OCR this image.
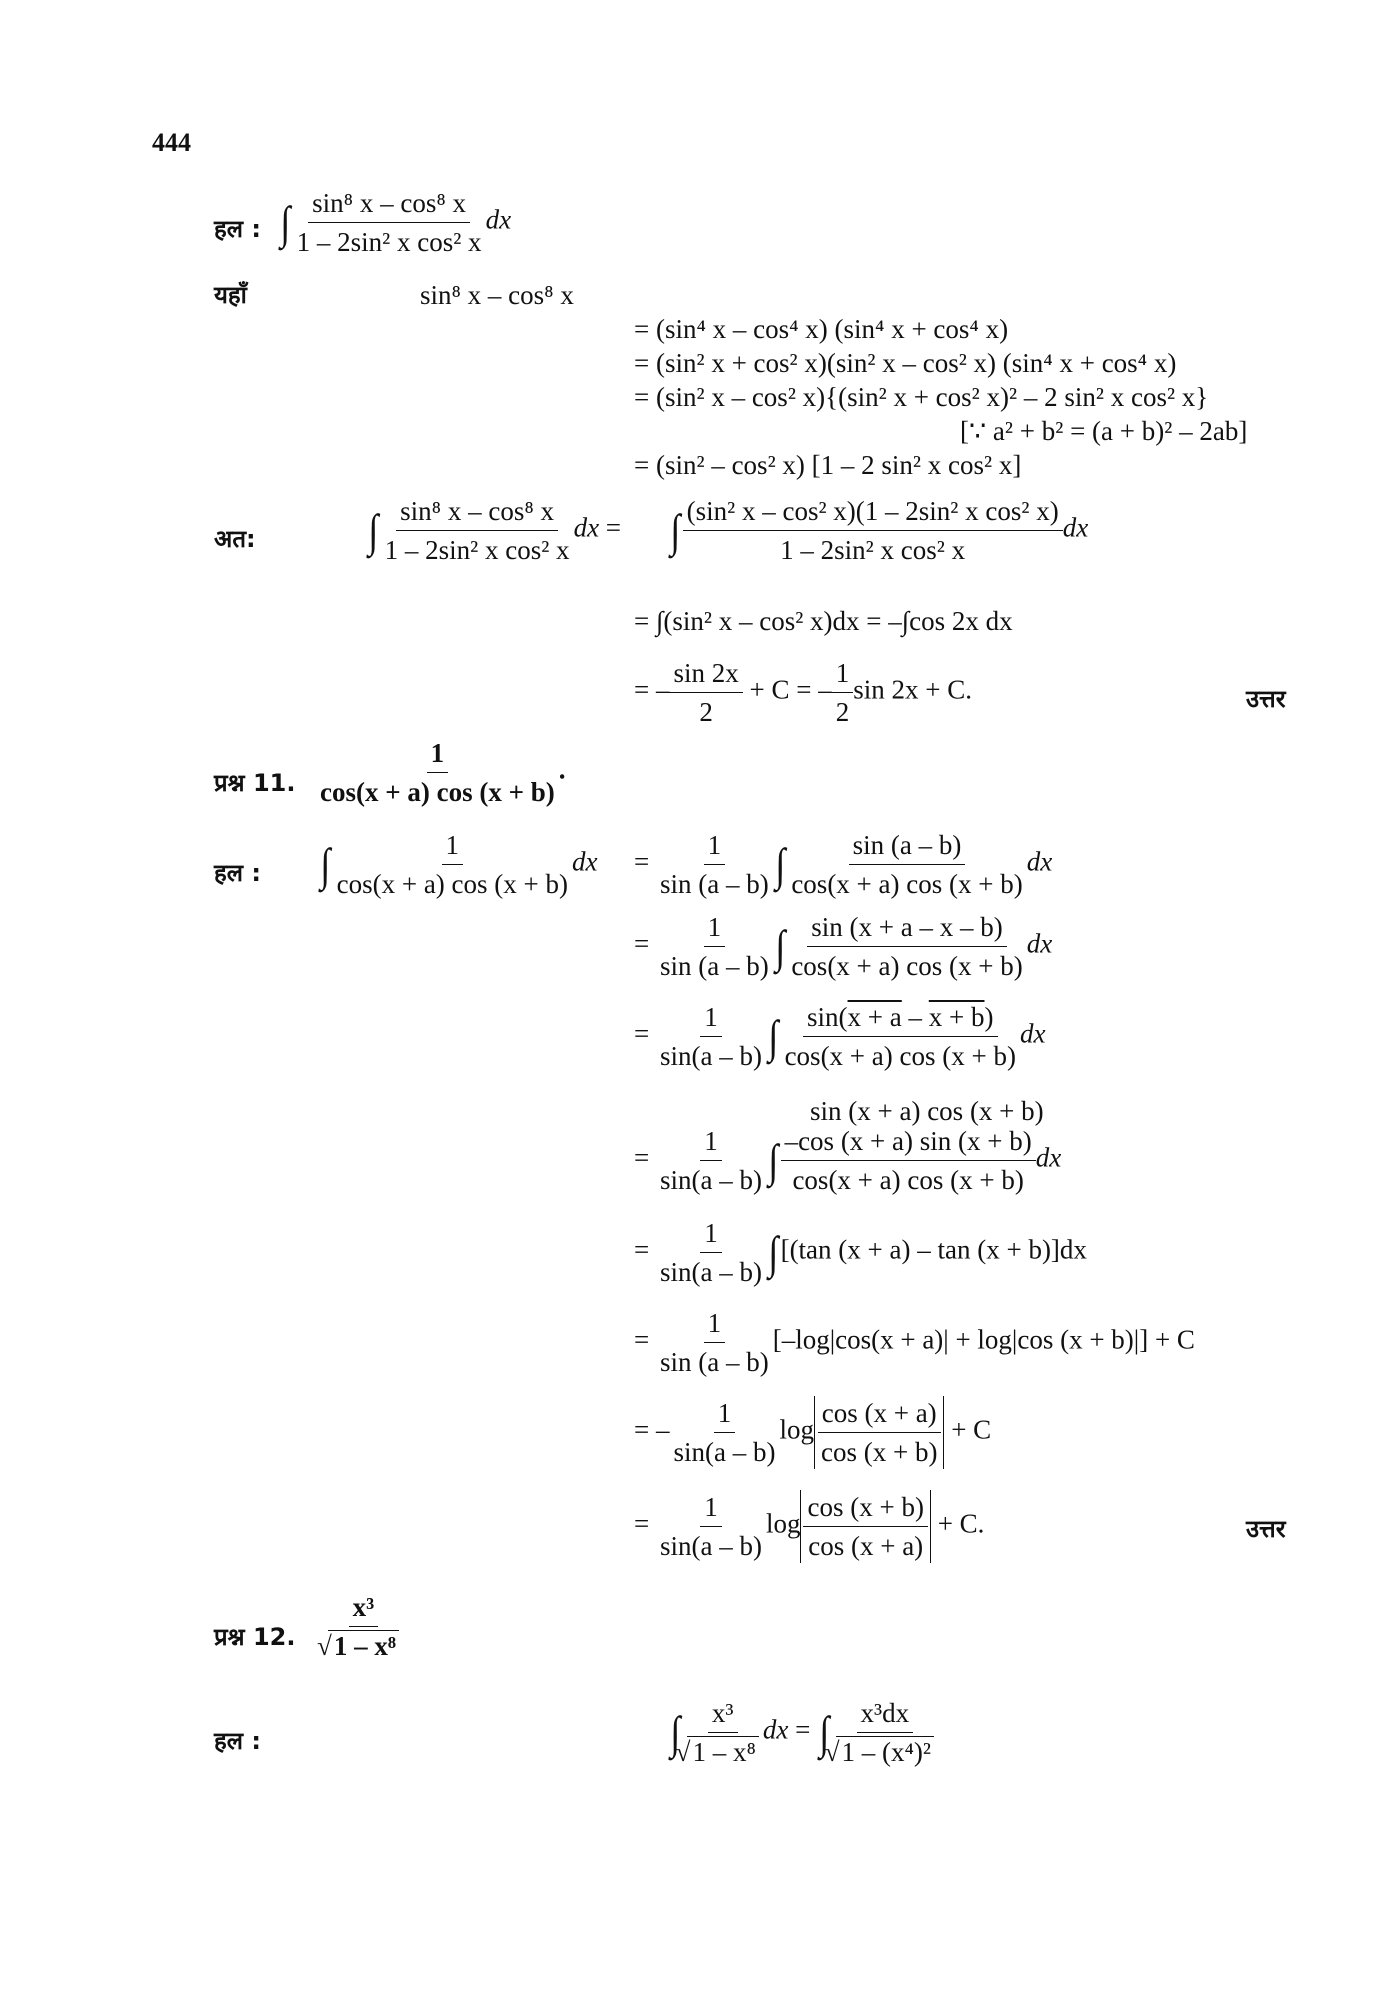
444
हल : ∫ $\frac{\text{sin⁸ x – cos⁸ x}}{\text{1 – 2sin² x cos² x}}$ dx
यहाँ	sin⁸ x – cos⁸ x
= (sin⁴ x – cos⁴ x) (sin⁴ x + cos⁴ x)
= (sin² x + cos² x)(sin² x – cos² x) (sin⁴ x + cos⁴ x)
= (sin² x – cos² x){(sin² x + cos² x)² – 2 sin² x cos² x}
[∵ a² + b² = (a + b)² – 2ab]
= (sin² – cos² x) [1 – 2 sin² x cos² x]
अत: ∫ $\frac{\text{sin⁸ x – cos⁸ x}}{\text{1 – 2sin² x cos² x}}$ dx = ∫ $\frac{\text{(sin² x – cos² x)(1 – 2sin² x cos² x)}}{\text{1 – 2sin² x cos² x}}$ dx
= ∫(sin² x – cos² x)dx = –∫cos 2x dx
= – $\frac{\sin 2x}{2} + C$ = – $\frac{1}{2}$ sin 2x + C.	उत्तर
प्रश्न 11. $\frac{1}{\cos(x + a) \cos (x + b)}$ .
हल : ∫ $\frac{1}{\cos(x + a) \cos (x + b)}$ dx = $\frac{1}{\sin (a - b)}$ ∫ $\frac{\sin (a - b)}{\cos(x + a) \cos (x + b)}$ dx
= $\frac{1}{\sin (a - b)}$ ∫ $\frac{\sin (x + a - x - b)}{\cos(x + a) \cos (x + b)}$ dx
= $\frac{1}{\sin(a - b)}$ ∫ $\frac{\sin(x + a - x + b)}{\cos(x + a) \cos (x + b)}$ dx
sin (x + a) cos (x + b)
= $\frac{1}{\sin(a - b)}$ ∫ $\frac{-\cos (x + a) \sin (x + b)}{\cos(x + a) \cos (x + b)}$ dx
= $\frac{1}{\sin(a - b)} \int[(\tan$ (x + a) – tan (x + b)]dx
= $\frac{1}{\sin (a - b)} [-\log|\cos(x + a)| + \log|\cos$ (x + b)|] + C
= – $\frac{1}{\sin(a - b)}$ $\log \frac{\cos (x + a)}{\cos (x + b)} + C$
= $\frac{1}{\sin(a - b)}$ $\log \frac{\cos (x + b)}{\cos (x + a)} + C$.	उत्तर
प्रश्न 12. x³
√ 1 – x⁸
हल :	∫ x³
√ 1 – x⁸ dx = ∫ x³dx
√ 1 – (x⁴)²
